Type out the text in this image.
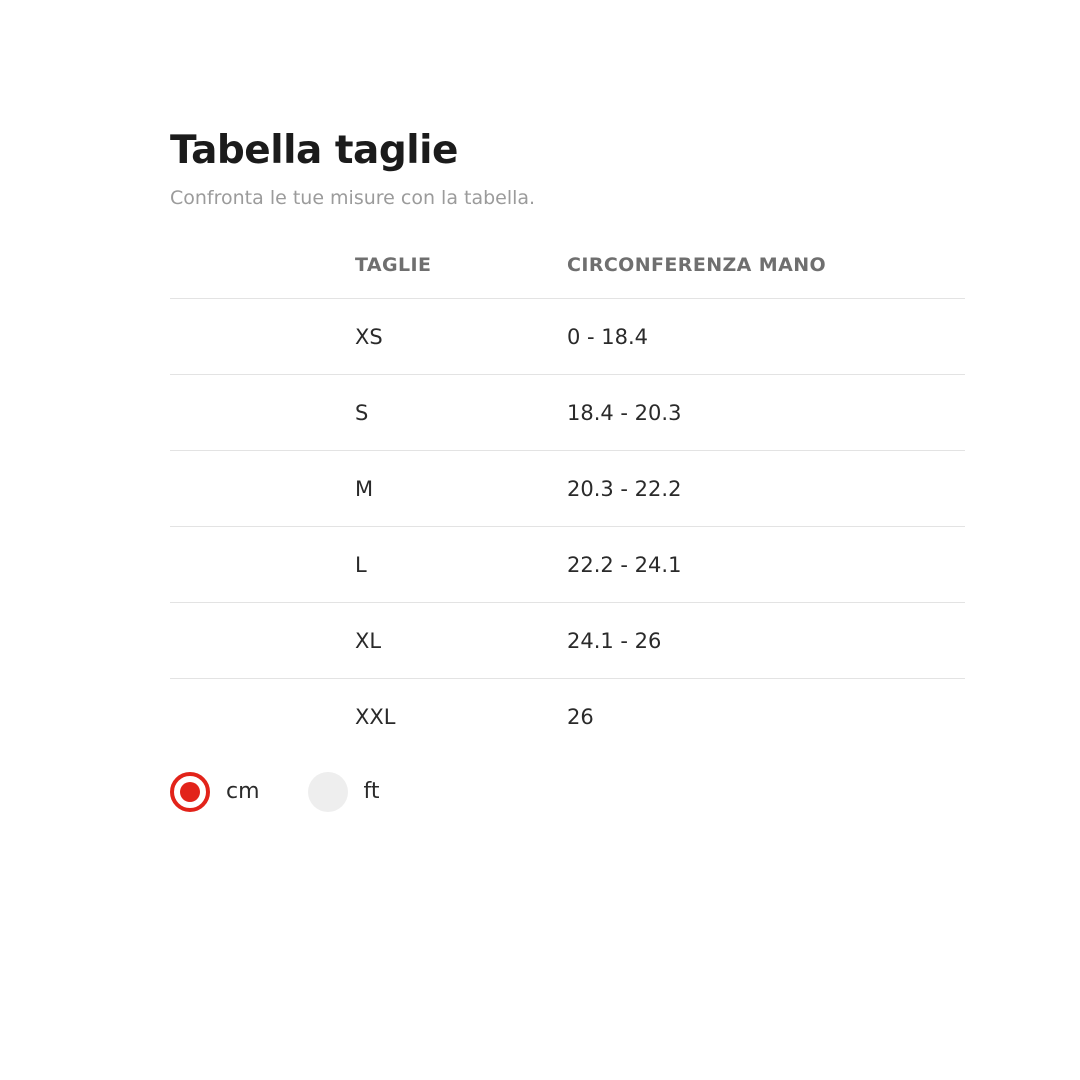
Tabella taglie

Confronta le tue misure con la tabella.

	TAGLIE	CIRCONFERENZA MANO
	XS	0 - 18.4
	S	18.4 - 20.3
	M	20.3 - 22.2
	L	22.2 - 24.1
	XL	24.1 - 26
	XXL	26
cm	ft
